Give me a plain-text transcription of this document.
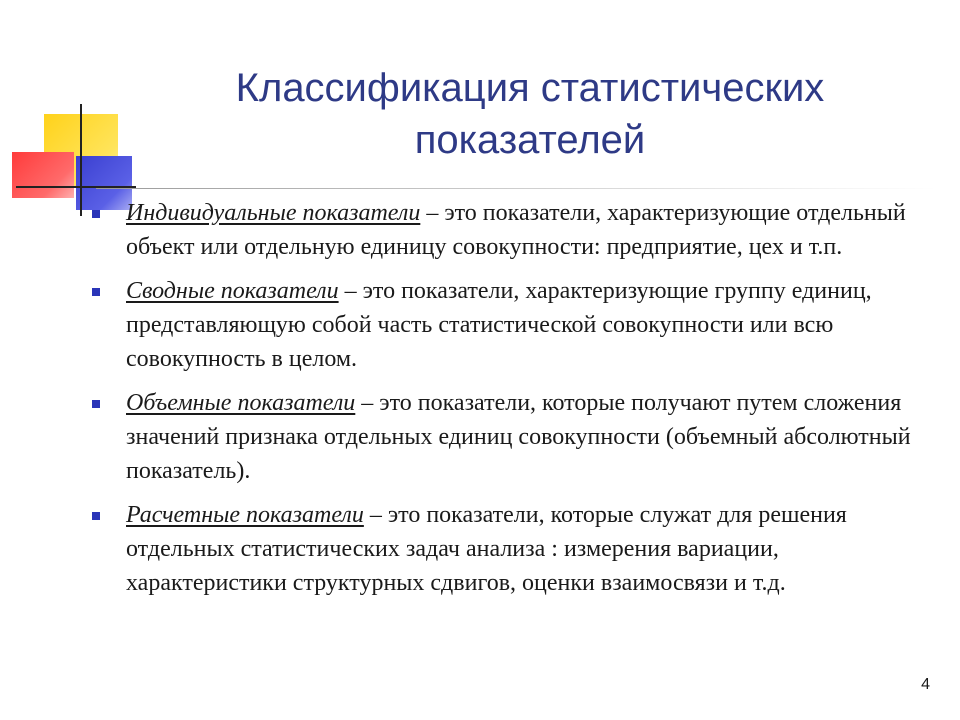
Классификация статистических показателей
Индивидуальные показатели – это показатели, характеризующие отдельный объект или отдельную единицу совокупности: предприятие, цех и т.п.
Сводные показатели – это показатели, характеризующие группу единиц, представляющую собой часть статистической совокупности или всю совокупность в целом.
Объемные показатели – это показатели, которые получают путем сложения значений признака отдельных единиц совокупности (объемный абсолютный показатель).
Расчетные показатели – это показатели, которые служат для решения отдельных статистических задач анализа : измерения вариации, характеристики структурных сдвигов, оценки взаимосвязи и т.д.
4
